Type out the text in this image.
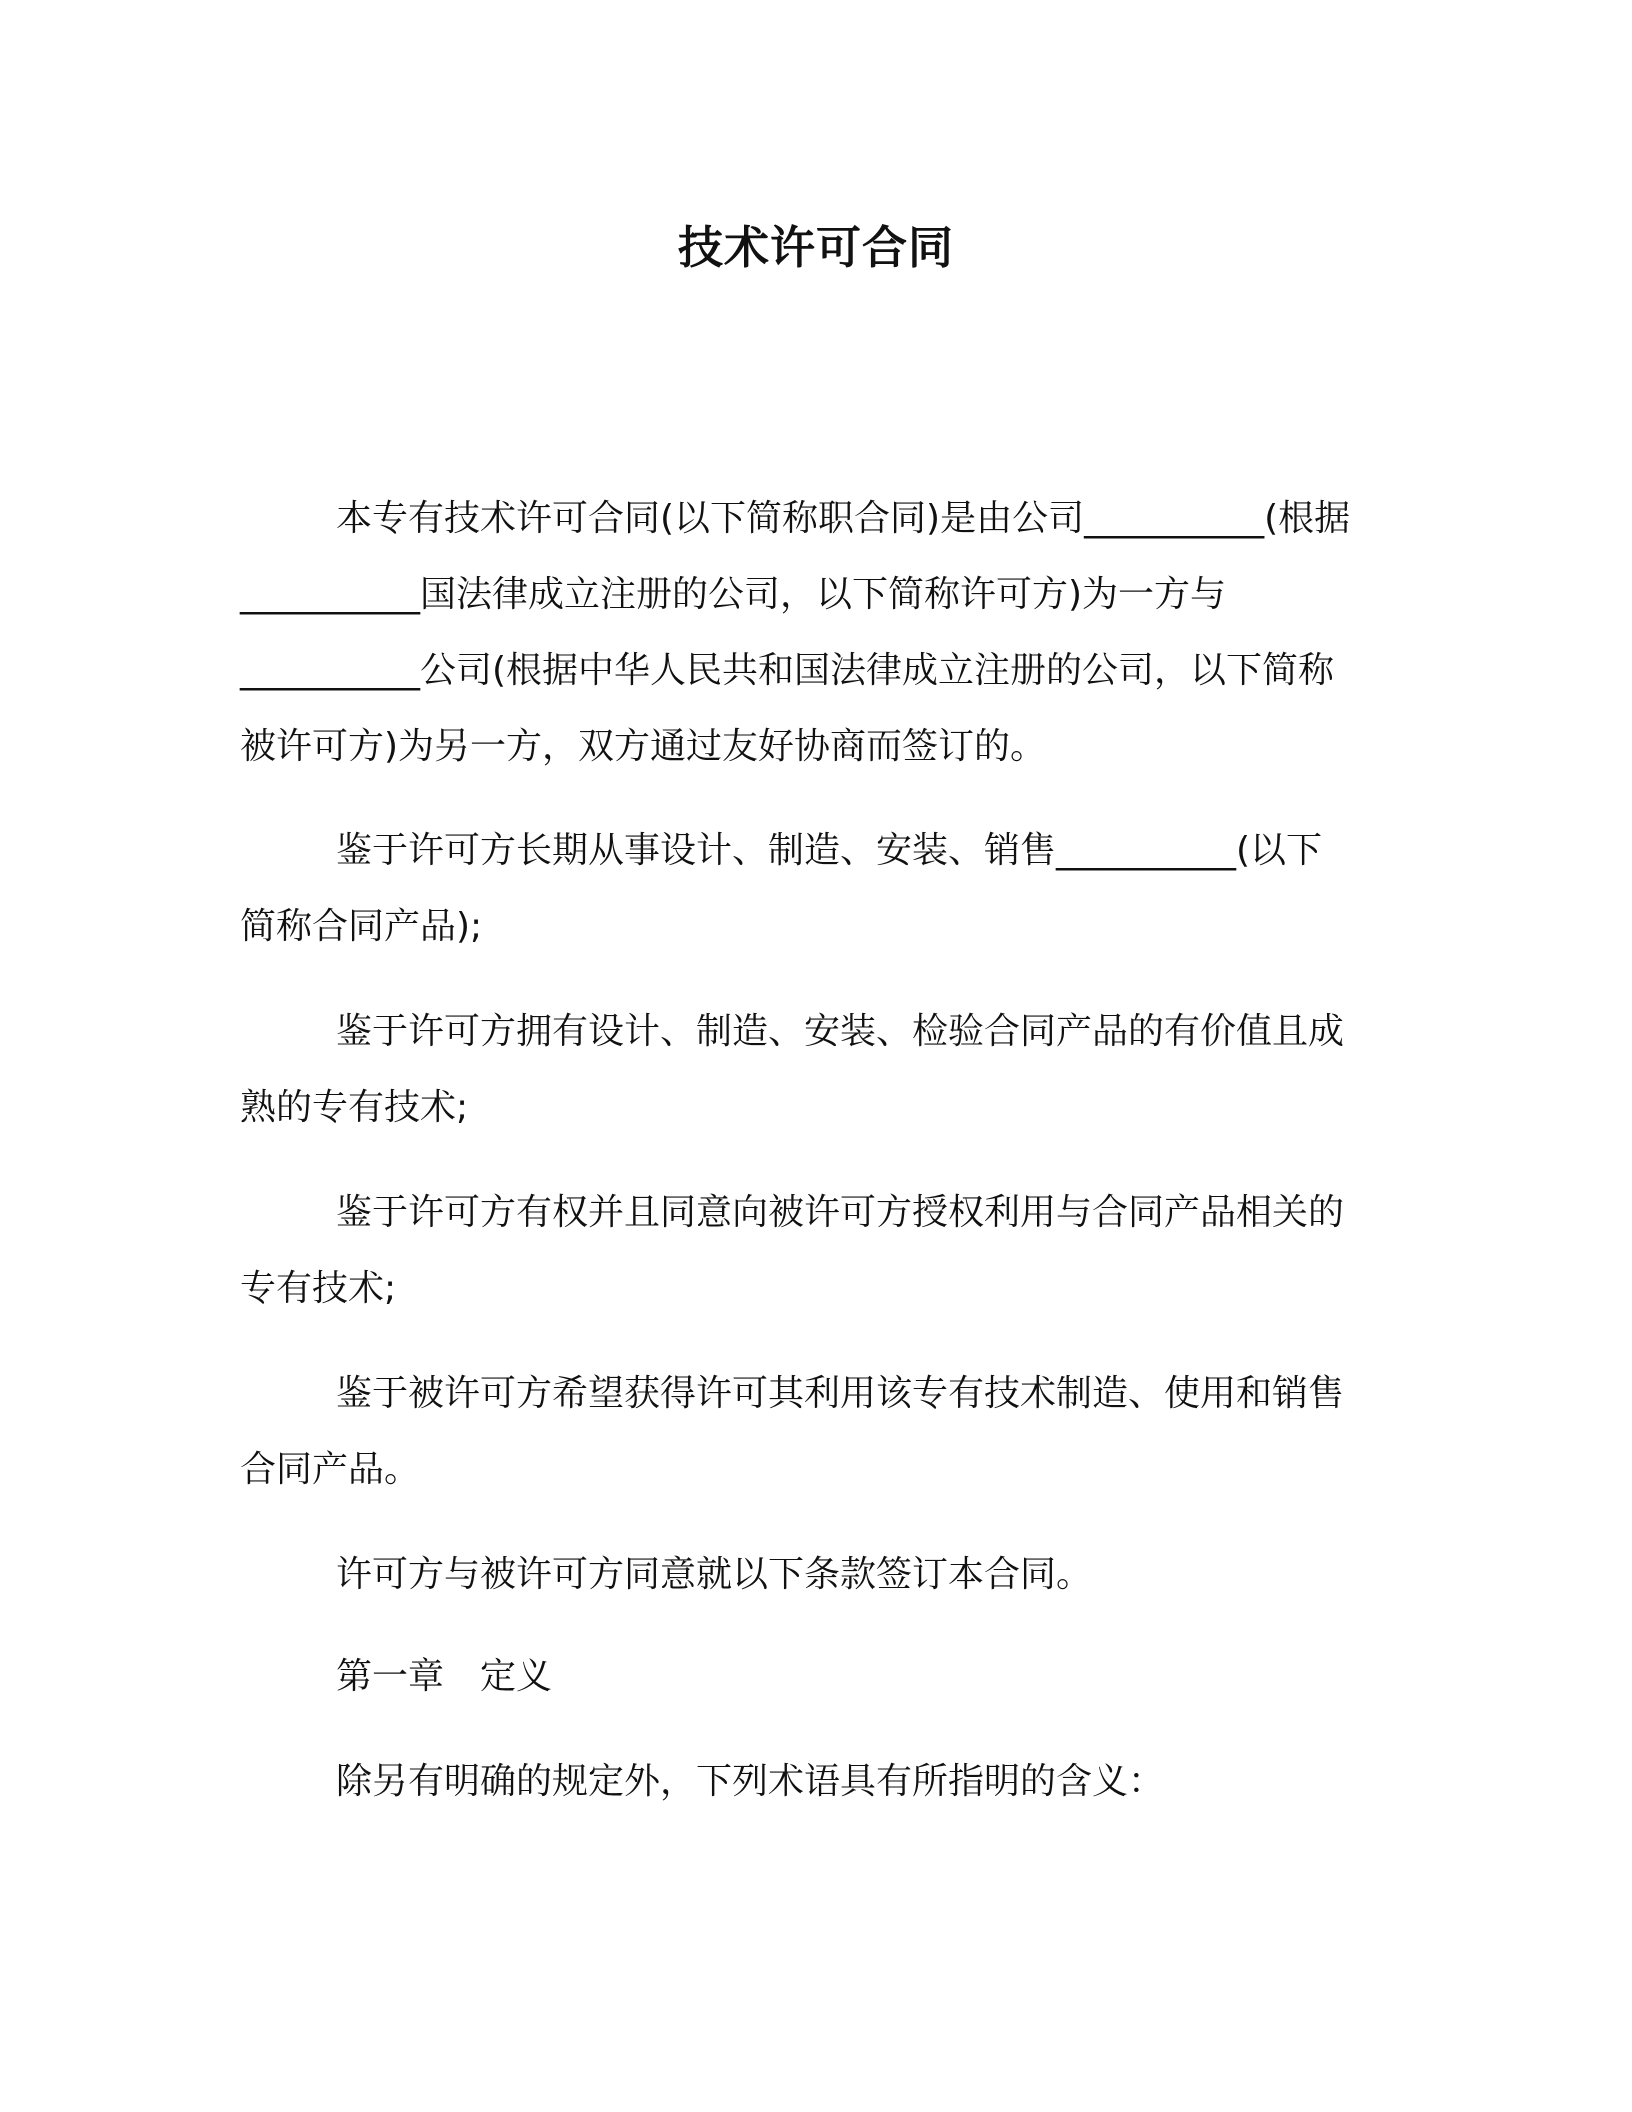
技术许可合同
本专有技术许可合同(以下简称职合同)是由公司__________(根据
__________国法律成立注册的公司，以下简称许可方)为一方与
__________公司(根据中华人民共和国法律成立注册的公司，以下简称
被许可方)为另一方，双方通过友好协商而签订的。
鉴于许可方长期从事设计、制造、安装、销售__________(以下
简称合同产品);
鉴于许可方拥有设计、制造、安装、检验合同产品的有价值且成
熟的专有技术;
鉴于许可方有权并且同意向被许可方授权利用与合同产品相关的
专有技术;
鉴于被许可方希望获得许可其利用该专有技术制造、使用和销售
合同产品。
许可方与被许可方同意就以下条款签订本合同。
第一章　定义
除另有明确的规定外，下列术语具有所指明的含义：
